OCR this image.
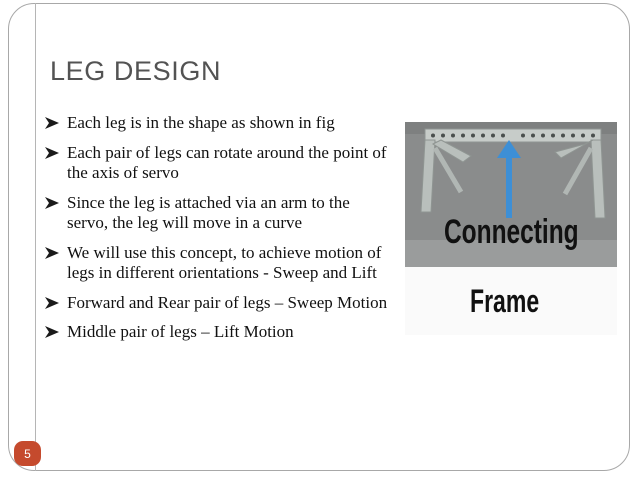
LEG DESIGN
Each leg is in the shape as shown in fig
Each pair of legs can rotate around the point of the axis of servo
Since the leg is attached via an arm to the servo, the leg will move in a curve
We will use this concept, to achieve motion of legs in different orientations - Sweep and Lift
Forward and Rear pair of legs – Sweep Motion
Middle pair of legs – Lift Motion

Connecting

Frame

5
